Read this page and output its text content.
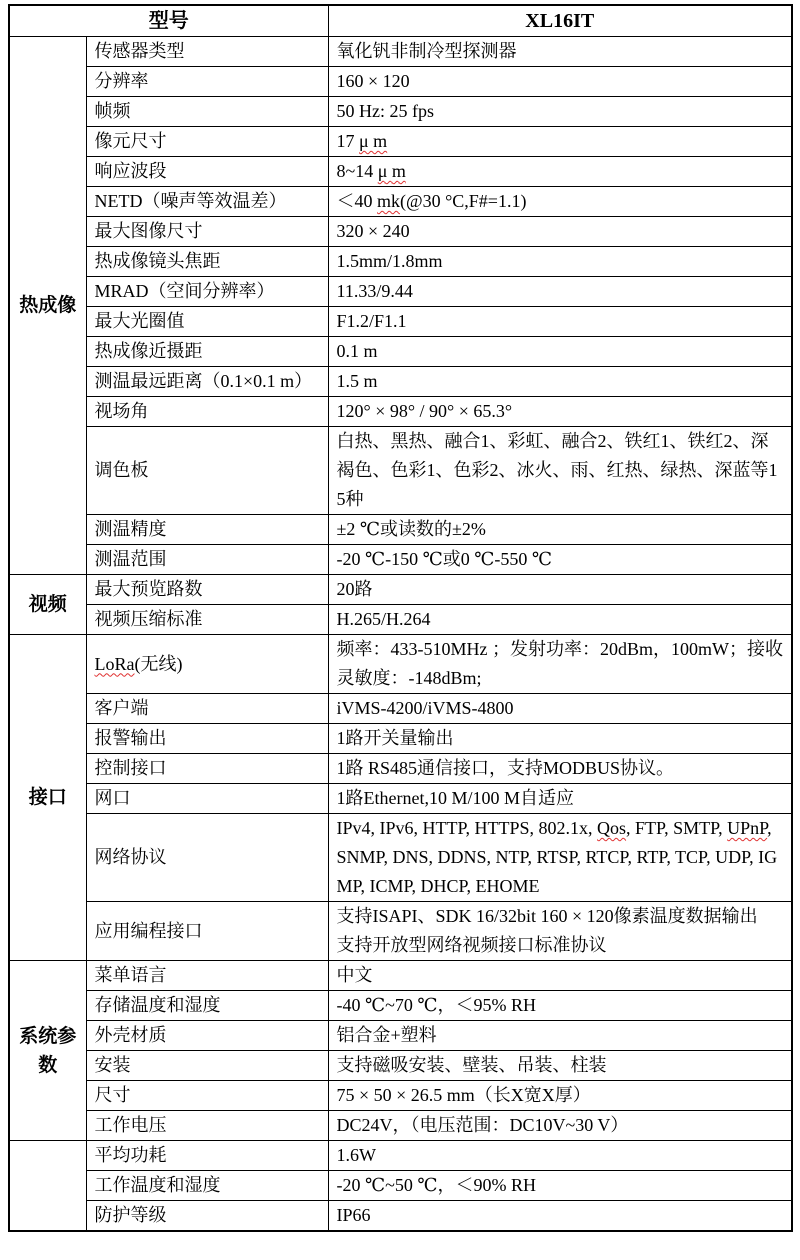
型号		XL16IT
热成像	传感器类型	氧化钒非制冷型探测器
	分辨率	160 × 120
	帧频	50 Hz: 25 fps
	像元尺寸	17 μ m
	响应波段	8~14 μ m
	NETD（噪声等效温差）	＜40 mk(@30 °C,F#=1.1)
	最大图像尺寸	320 × 240
	热成像镜头焦距	1.5mm/1.8mm
	MRAD（空间分辨率）	11.33/9.44
	最大光圈值	F1.2/F1.1
	热成像近摄距	0.1 m
	测温最远距离（0.1×0.1 m）	1.5 m
	视场角	120° × 98° / 90° × 65.3°
	调色板	白热、黑热、融合1、彩虹、融合2、铁红1、铁红2、深褐色、色彩1、色彩2、冰火、雨、红热、绿热、深蓝等15种
	测温精度	±2 ℃或读数的±2%
	测温范围	-20 ℃-150 ℃或0 ℃-550 ℃
视频	最大预览路数	20路
	视频压缩标准	H.265/H.264
接口	LoRa(无线)	频率：433-510MHz ；发射功率：20dBm，100mW；接收灵敏度：-148dBm;
	客户端	iVMS-4200/iVMS-4800
	报警输出	1路开关量输出
	控制接口	1路 RS485通信接口，支持MODBUS协议。
	网口	1路Ethernet,10 M/100 M自适应
	网络协议	IPv4, IPv6, HTTP, HTTPS, 802.1x, Qos, FTP, SMTP, UPnP, SNMP, DNS, DDNS, NTP, RTSP, RTCP, RTP, TCP, UDP, IGMP, ICMP, DHCP, EHOME
	应用编程接口	支持ISAPI、SDK 16/32bit 160 × 120像素温度数据输出
支持开放型网络视频接口标准协议

系统参数	菜单语言	中文
	存储温度和湿度	-40 ℃~70 ℃，＜95% RH
	外壳材质	铝合金+塑料
	安装	支持磁吸安装、壁装、吊装、柱装
	尺寸	75 × 50 × 26.5 mm（长X宽X厚）
	工作电压	DC24V，（电压范围：DC10V~30 V）
	平均功耗	1.6W
	工作温度和湿度	-20 ℃~50 ℃，＜90% RH
	防护等级	IP66
